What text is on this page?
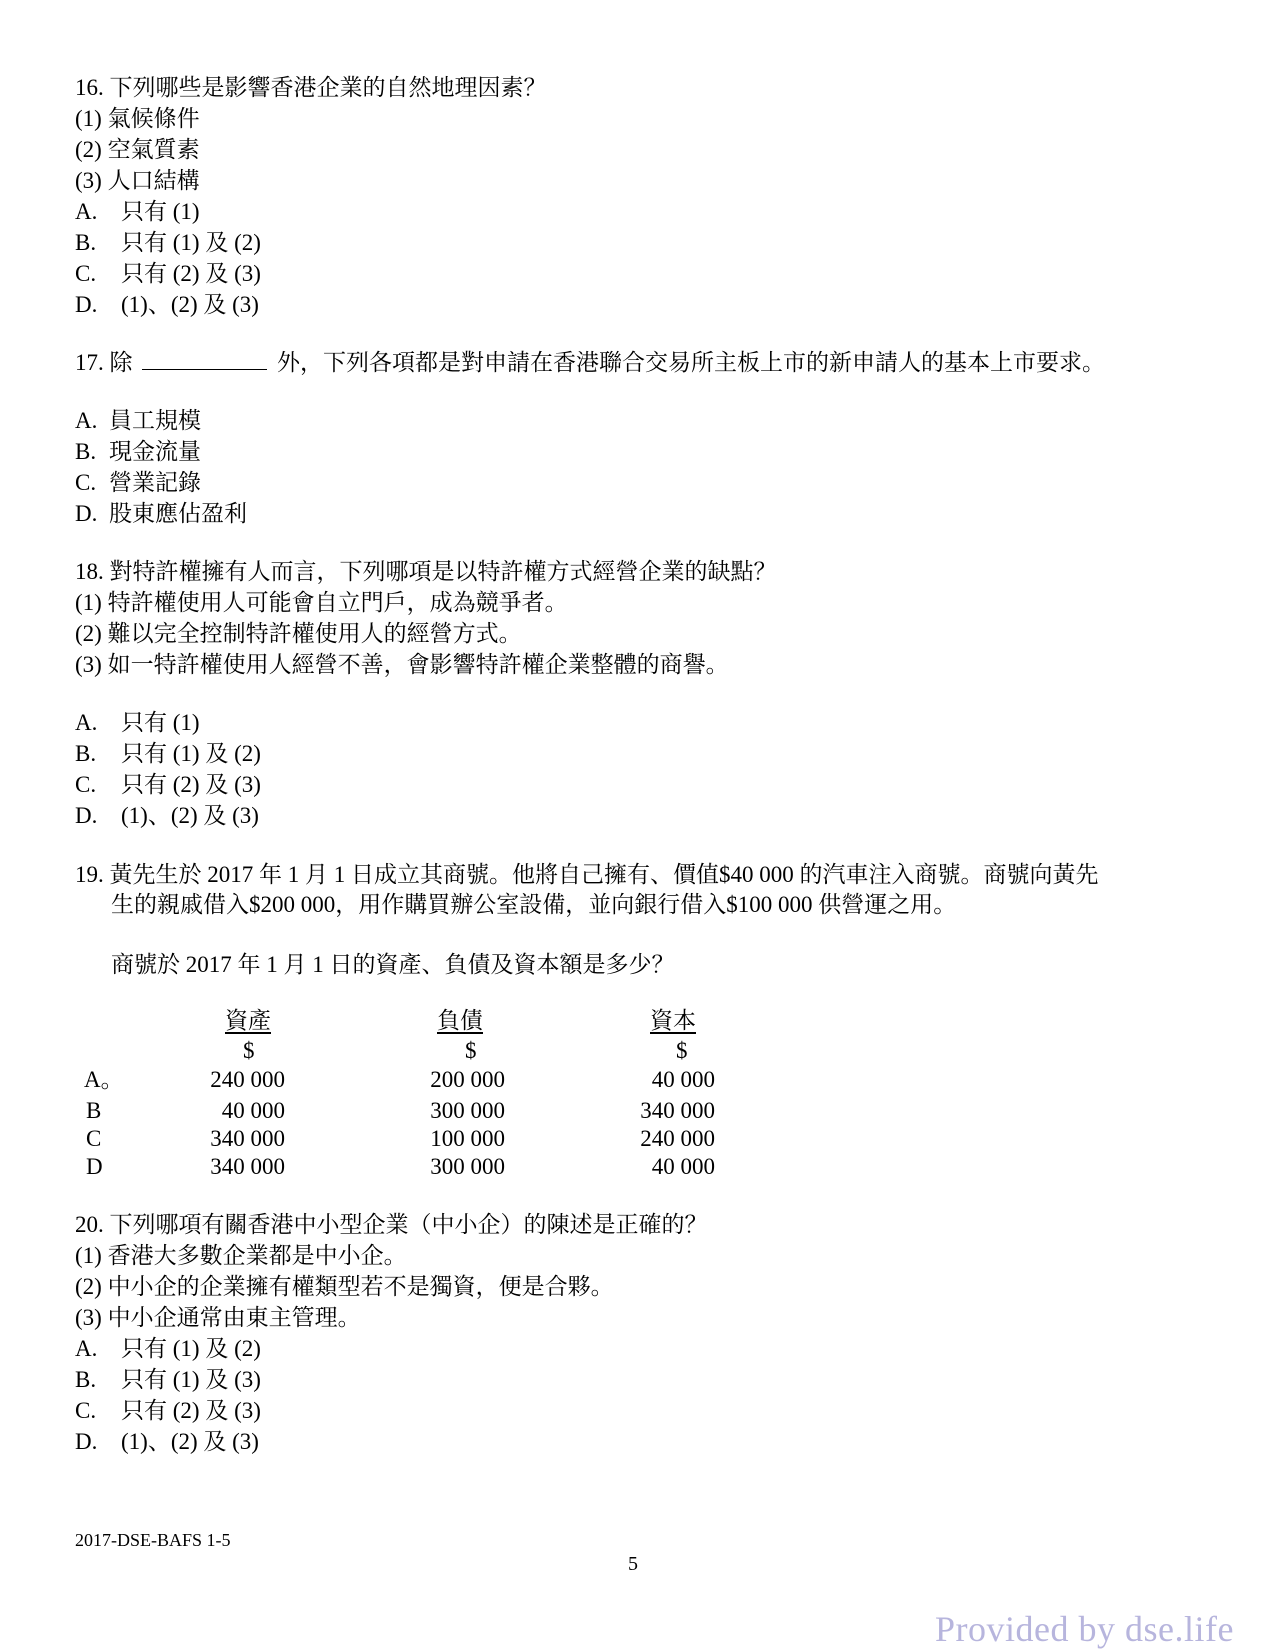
16. 下列哪些是影響香港企業的自然地理因素？
(1) 氣候條件
(2) 空氣質素
(3) 人口結構
A. 只有 (1)
B. 只有 (1) 及 (2)
C. 只有 (2) 及 (3)
D. (1)、(2) 及 (3)
17. 除	外，下列各項都是對申請在香港聯合交易所主板上市的新申請人的基本上市要求。
A. 員工規模
B. 現金流量
C. 營業記錄
D. 股東應佔盈利
18. 對特許權擁有人而言，下列哪項是以特許權方式經營企業的缺點？
(1) 特許權使用人可能會自立門戶，成為競爭者。
(2) 難以完全控制特許權使用人的經營方式。
(3) 如一特許權使用人經營不善，會影響特許權企業整體的商譽。
A. 只有 (1)
B. 只有 (1) 及 (2)
C. 只有 (2) 及 (3)
D. (1)、(2) 及 (3)
19. 黃先生於 2017 年 1 月 1 日成立其商號。他將自己擁有、價值$40 000 的汽車注入商號。商號向黃先
生的親戚借入$200 000，用作購買辦公室設備，並向銀行借入$100 000 供營運之用。
商號於 2017 年 1 月 1 日的資產、負債及資本額是多少？
資產	負債	資本
$	$	$
A。	240 000	200 000	40 000
B	40 000	300 000	340 000
C	340 000	100 000	240 000
D	340 000	300 000	40 000
20. 下列哪項有關香港中小型企業（中小企）的陳述是正確的？
(1) 香港大多數企業都是中小企。
(2) 中小企的企業擁有權類型若不是獨資，便是合夥。
(3) 中小企通常由東主管理。
A. 只有 (1) 及 (2)
B. 只有 (1) 及 (3)
C. 只有 (2) 及 (3)
D. (1)、(2) 及 (3)
2017-DSE-BAFS 1-5
5
Provided by dse.life
